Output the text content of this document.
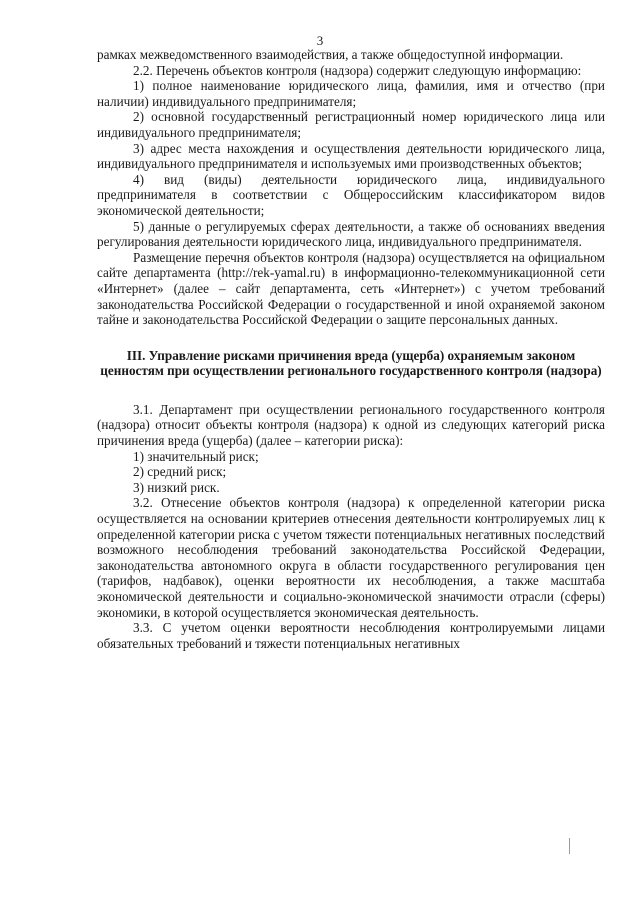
3

рамках межведомственного взаимодействия, а также общедоступной информации.

2.2. Перечень объектов контроля (надзора) содержит следующую информацию:

1) полное наименование юридического лица, фамилия, имя и отчество (при наличии) индивидуального предпринимателя;

2) основной государственный регистрационный номер юридического лица или индивидуального предпринимателя;

3) адрес места нахождения и осуществления деятельности юридического лица, индивидуального предпринимателя и используемых ими производственных объектов;

4) вид (виды) деятельности юридического лица, индивидуального предпринимателя в соответствии с Общероссийским классификатором видов экономической деятельности;

5) данные о регулируемых сферах деятельности, а также об основаниях введения регулирования деятельности юридического лица, индивидуального предпринимателя.

Размещение перечня объектов контроля (надзора) осуществляется на официальном сайте департамента (http://rek-yamal.ru) в информационно-телекоммуникационной сети «Интернет» (далее – сайт департамента, сеть «Интернет») с учетом требований законодательства Российской Федерации о государственной и иной охраняемой законом тайне и законодательства Российской Федерации о защите персональных данных.

III. Управление рисками причинения вреда (ущерба) охраняемым законом ценностям при осуществлении регионального государственного контроля (надзора)

3.1. Департамент при осуществлении регионального государственного контроля (надзора) относит объекты контроля (надзора) к одной из следующих категорий риска причинения вреда (ущерба) (далее – категории риска):

1) значительный риск;

2) средний риск;

3) низкий риск.

3.2. Отнесение объектов контроля (надзора) к определенной категории риска осуществляется на основании критериев отнесения деятельности контролируемых лиц к определенной категории риска с учетом тяжести потенциальных негативных последствий возможного несоблюдения требований законодательства Российской Федерации, законодательства автономного округа в области государственного регулирования цен (тарифов, надбавок), оценки вероятности их несоблюдения, а также масштаба экономической деятельности и социально-экономической значимости отрасли (сферы) экономики, в которой осуществляется экономическая деятельность.

3.3. С учетом оценки вероятности несоблюдения контролируемыми лицами обязательных требований и тяжести потенциальных негативных
